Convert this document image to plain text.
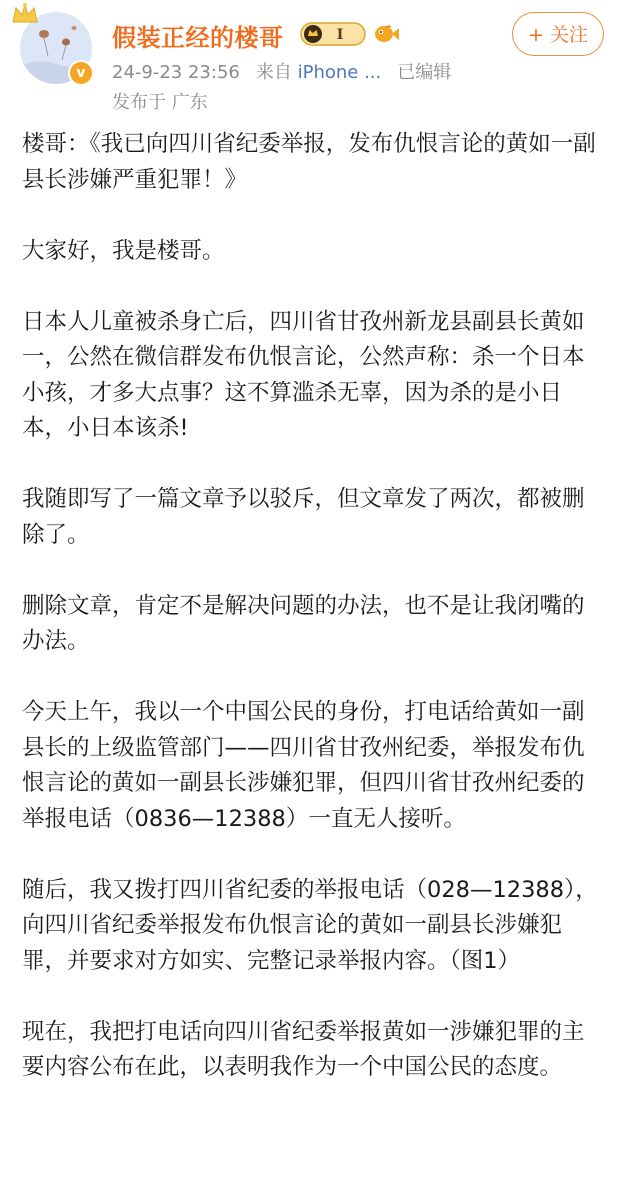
v
假装正经的楼哥	I	+ 关注
24-9-23 23:56 来自 iPhone ... 已编辑
发布于 广东

楼哥：《我已向四川省纪委举报，发布仇恨言论的黄如一副县长涉嫌严重犯罪！》

大家好，我是楼哥。

日本人儿童被杀身亡后，四川省甘孜州新龙县副县长黄如一，公然在微信群发布仇恨言论，公然声称：杀一个日本小孩，才多大点事？这不算滥杀无辜，因为杀的是小日本，小日本该杀!

我随即写了一篇文章予以驳斥，但文章发了两次，都被删除了。

删除文章，肯定不是解决问题的办法，也不是让我闭嘴的办法。

今天上午，我以一个中国公民的身份，打电话给黄如一副县长的上级监管部门——四川省甘孜州纪委，举报发布仇恨言论的黄如一副县长涉嫌犯罪，但四川省甘孜州纪委的举报电话（0836—12388）一直无人接听。

随后，我又拨打四川省纪委的举报电话（028—12388），向四川省纪委举报发布仇恨言论的黄如一副县长涉嫌犯罪，并要求对方如实、完整记录举报内容。（图1）

现在，我把打电话向四川省纪委举报黄如一涉嫌犯罪的主要内容公布在此，以表明我作为一个中国公民的态度。
